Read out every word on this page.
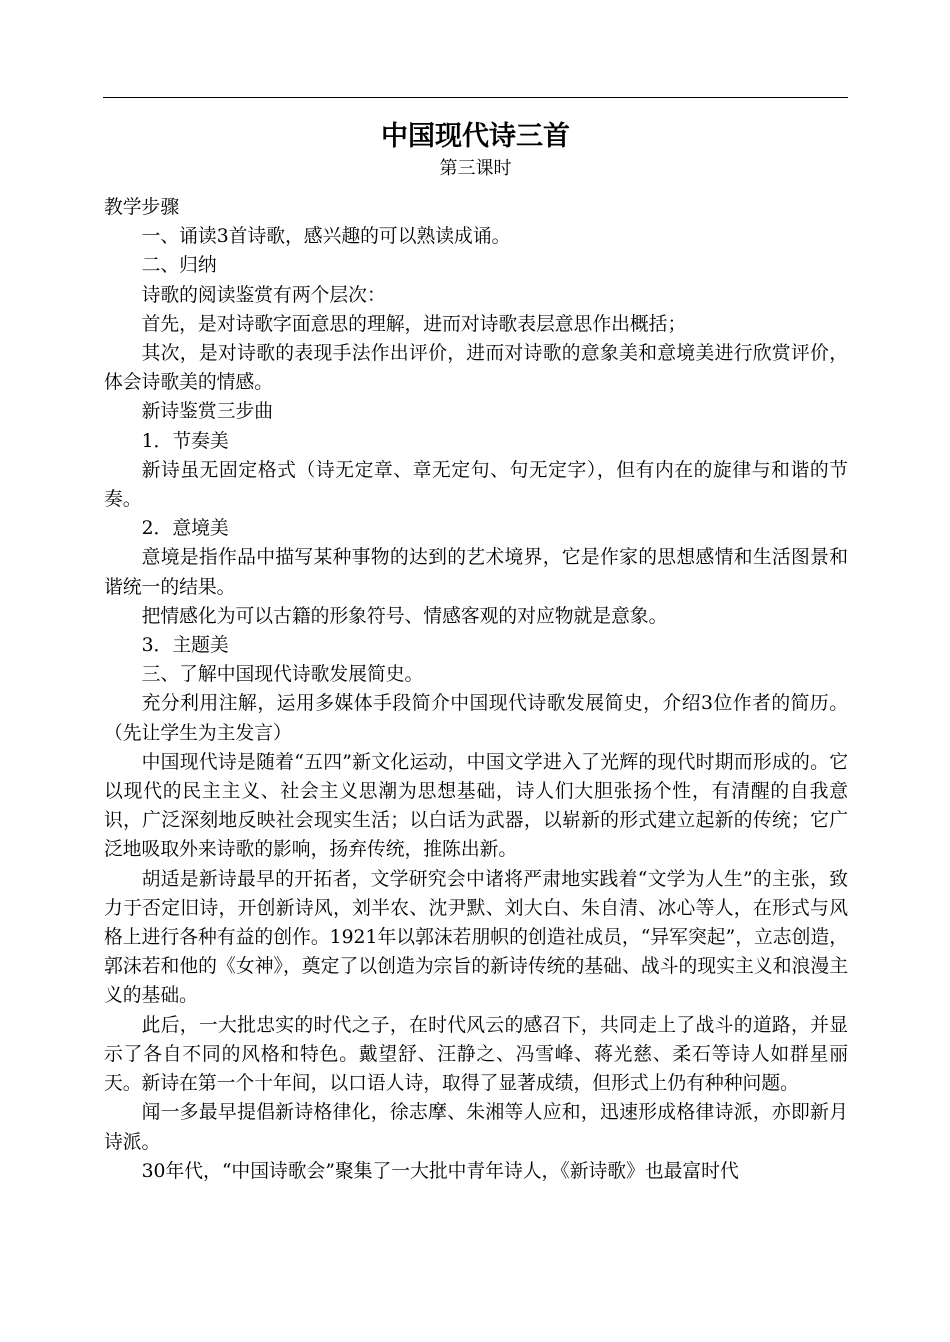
中国现代诗三首
第三课时

教学步骤

一、诵读3首诗歌，感兴趣的可以熟读成诵。

二、归纳

诗歌的阅读鉴赏有两个层次：

首先，是对诗歌字面意思的理解，进而对诗歌表层意思作出概括；

其次，是对诗歌的表现手法作出评价，进而对诗歌的意象美和意境美进行欣赏评价，体会诗歌美的情感。

新诗鉴赏三步曲

1．节奏美

新诗虽无固定格式（诗无定章、章无定句、句无定字），但有内在的旋律与和谐的节奏。

2．意境美

意境是指作品中描写某种事物的达到的艺术境界，它是作家的思想感情和生活图景和谐统一的结果。

把情感化为可以古籍的形象符号、情感客观的对应物就是意象。

3．主题美

三、了解中国现代诗歌发展简史。

充分利用注解，运用多媒体手段简介中国现代诗歌发展简史，介绍3位作者的简历。（先让学生为主发言）

中国现代诗是随着“五四”新文化运动，中国文学进入了光辉的现代时期而形成的。它以现代的民主主义、社会主义思潮为思想基础，诗人们大胆张扬个性，有清醒的自我意识，广泛深刻地反映社会现实生活；以白话为武器，以崭新的形式建立起新的传统；它广泛地吸取外来诗歌的影响，扬弃传统，推陈出新。

胡适是新诗最早的开拓者，文学研究会中诸将严肃地实践着“文学为人生”的主张，致力于否定旧诗，开创新诗风，刘半农、沈尹默、刘大白、朱自清、冰心等人，在形式与风格上进行各种有益的创作。1921年以郭沫若朋帜的创造社成员，“异军突起”，立志创造，郭沫若和他的《女神》，奠定了以创造为宗旨的新诗传统的基础、战斗的现实主义和浪漫主义的基础。

此后，一大批忠实的时代之子，在时代风云的感召下，共同走上了战斗的道路，并显示了各自不同的风格和特色。戴望舒、汪静之、冯雪峰、蒋光慈、柔石等诗人如群星丽天。新诗在第一个十年间，以口语人诗，取得了显著成绩，但形式上仍有种种问题。

闻一多最早提倡新诗格律化，徐志摩、朱湘等人应和，迅速形成格律诗派，亦即新月诗派。

30年代，“中国诗歌会”聚集了一大批中青年诗人，《新诗歌》也最富时代
